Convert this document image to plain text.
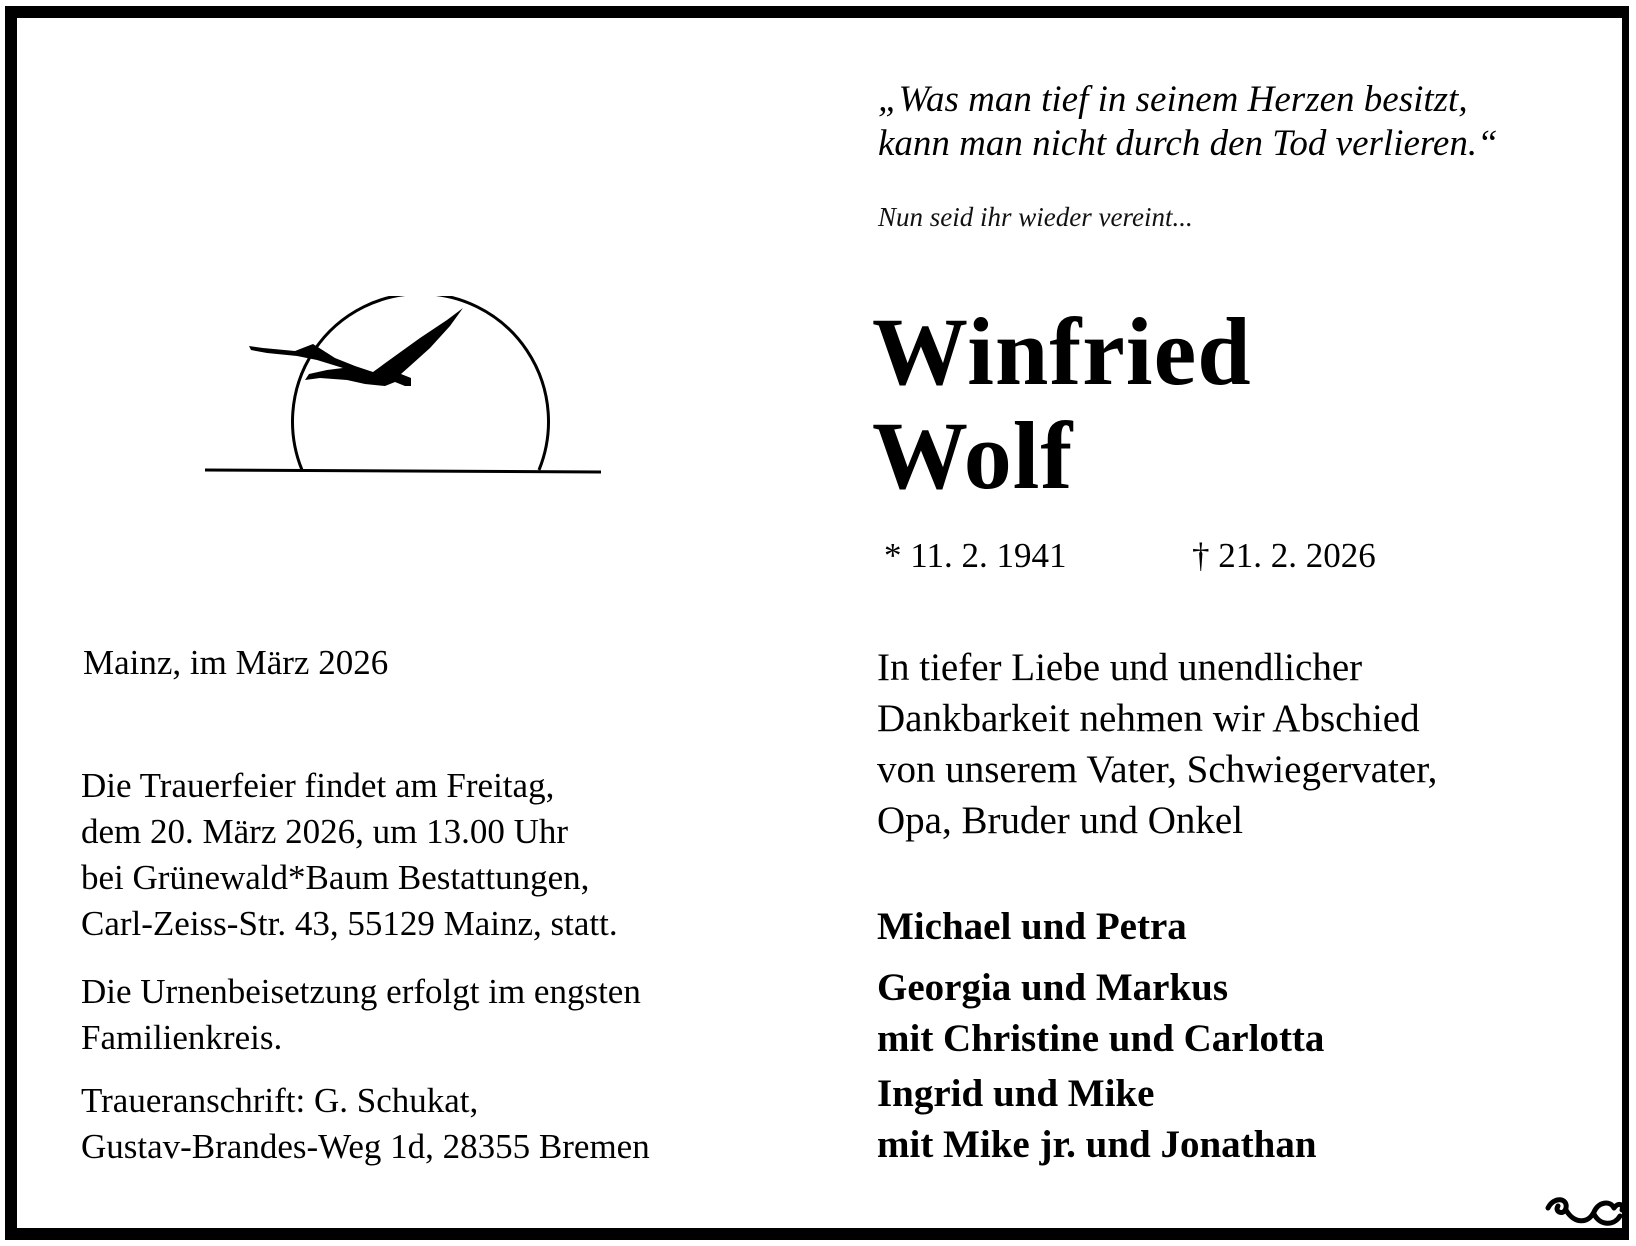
„Was man tief in seinem Herzen besitzt,
kann man nicht durch den Tod verlieren.“
Nun seid ihr wieder vereint...
Winfried
Wolf
* 11. 2. 1941	† 21. 2. 2026
In tiefer Liebe und unendlicher
Dankbarkeit nehmen wir Abschied
von unserem Vater, Schwiegervater,
Opa, Bruder und Onkel
Michael und Petra
Georgia und Markus
mit Christine und Carlotta
Ingrid und Mike
mit Mike jr. und Jonathan
Mainz, im März 2026
Die Trauerfeier findet am Freitag,
dem 20. März 2026, um 13.00 Uhr
bei Grünewald*Baum Bestattungen,
Carl-Zeiss-Str. 43, 55129 Mainz, statt.
Die Urnenbeisetzung erfolgt im engsten
Familienkreis.
Traueranschrift: G. Schukat,
Gustav-Brandes-Weg 1d, 28355 Bremen
